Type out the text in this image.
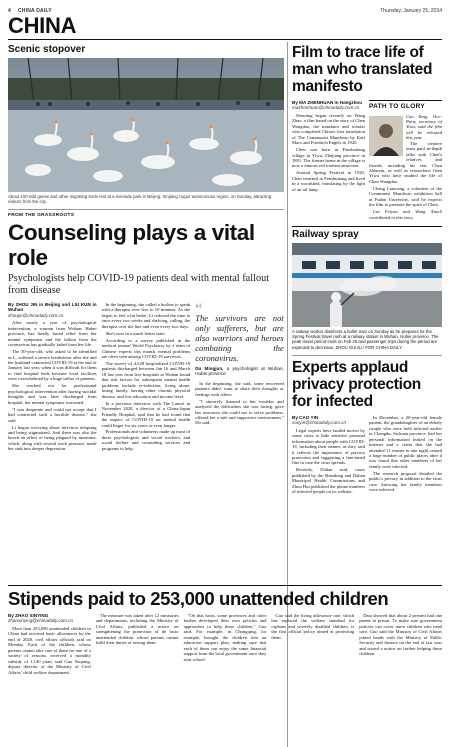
4 CHINA DAILY	Thursday, January 25, 2024
CHINA
Scenic stopover
About 100 wild geese and other migrating birds rest at a riverside park in Beijing, Xinjiang Uygur autonomous region, on Sunday, attracting visitors from the city.
FROM THE GRASSROOTS
Counseling plays a vital role
Psychologists help COVID-19 patients deal with mental fallout from disease
By ZHOU JIN in Beijing and LIU KUN in Wuhan
zhoujin@chinadaily.com.cn

After nearly a year of psychological intervention, a woman from Wuhan, Hubei province, has finally found relief from her mental symptoms and the fallout from the coronavirus has gradually faded from her life.

The 50-year-old, who asked to be identified as L, suffered a severe breakdown after she and her husband contracted COVID-19 at the end of January last year, when it was difficult for them to find hospital beds because local facilities were overwhelmed by a huge influx of patients.

She reached out for professional psychological intervention after having suicidal thoughts and was later discharged from hospital, her mental symptoms worsened.

"I was desperate and could not accept that I had contracted such a horrible disease," she said.

Li began worrying about infection relapsing and being stigmatized. And there was also the knock-on effect of being plagued by insomnia, which, along with several work pressure, made her sink into deeper depression.

In the beginning, she called a hotline to speak with a therapist over five to 10 minutes. As she began to feel a bit better, Li reduced the time to once every two weeks and shelving, calling, the therapist over the line and even every two days.

She's now in a much better state.

According to a survey published in the medical journal World Psychiatry by a team of Chinese experts this month, mental problems are often seen among COVID-19 survivors.

The survey of 4,328 hospitalized COVID-19 patients discharged between Jan 16 and March 18 last year from five hospitals in Wuhan found that risk factors for subsequent mental health problems include re-infection, living alone, losing family, having other chronic physical disease, and low education and income level.

In a previous interview with The Lancet in November 2020, a director of a China-Japan Friendly Hospital, said that he had found that the impact of COVID-19 on mental health could linger for six years or even longer.

Professionals and volunteers made up most of those psychologists and social workers, and social hotline and counseling services and programs to help.

“
The survivors are not only sufferers, but are also warriors and heroes combating the coronavirus.
Du Mingjun, a psychologist at Wuhan, Hubei province

In the beginning, she said, some recovered patients didn't want to share their thoughts or feelings with others.

"I sincerely listened to her troubles and analyzed the difficulties she was facing, gave her resources she could use to solve problems, offered her a safe and supportive environment," Du said.

Stipends paid to 253,000 unattended children
By ZHAO XINYING
zhaoxinying@chinadaily.com.cn

More than 253,000 unattended children in China had received basic allowances by the end of 2020, civil affairs officials said on Monday. Each of the children, whose parents cannot take care of them for one of a variety of reasons, received a monthly subsidy of 1,140 yuan, said Guo Yuqiang, deputy director of the Ministry of Civil Affairs' child welfare department.

The measure was taken after 12 ministries and departments, including the Ministry of Civil Affairs, published a notice on strengthening the protection of de facto unattended children, whose parents cannot fulfil their duties of raising them.

"On that basis, some provinces and cities further developed their own policies and approaches to help these children," Guo said. For example, in Chongqing, for example, brought the children into an education support plan, making sure that each of them can enjoy the same financial support from the local government once they start school.

Guo said the living allowance rate, which has replaced the welfare standard for orphans and severely disabled children, is the first official policy aimed at protecting them.

Data showed that about 2 percent had one parent in prison. To make sure government policies can cover more children who need care, Guo said the Ministry of Civil Affairs joined hands with the Ministry of Public Security and finance on the end of last year and issued a notice on further helping these children.

Film to trace life of man who translated manifesto
By MA ZHENHUAN in Hangzhou
mazhenhuan@chinadaily.com.cn

Shooting began recently on Wang Zhao, a film based on the story of Chen Wangdao, the translator and scholar who completed China's first translation of The Communist Manifesto by Karl Marx and Friedrich Engels in 1920.

Chen was born in Fenshuitang village in Yiwu, Zhejiang province in 1891. The former home in the village is now a famous red tourism attraction.

Around Spring Festival in 1920, Chen returned to Fenshuitang and lived in a woodshed, translating by the light of an oil lamp.

PATH TO GLORY
Cao Yang, Vice-Party secretary of Yiwu, said the film will be released this year.

The creative team paid in-depth talks with Chen's relatives and friends, including his son, Chen Zhenxin, as well as researchers from Yiwu who have studied the life of Chen Wangdao.

Cheng Liancang, a volunteer of the Communist Manifesto exhibition hall at Fudan University, said he expects the film to promote the spirit of Chen.

Cai Feiyan and Wang Xiaoli contributed to this story.

Railway spray
A railway worker disinfects a bullet train on Sunday as he prepares for the Spring Festival travel rush at a railway station in Wuhan, Hubei province. The peak travel period ends on Feb 25 and passenger trips during the period are expected to decrease. ZHOU GUIJU / FOR CHINA DAILY
Experts applaud privacy protection for infected
By CAO YIN
caoyin@chinadaily.com.cn

Legal experts have lauded moves by some cities to hide sensitive personal information about people with COVID-19, including their names, as they said it reflects the importance of privacy protection and suggesting a fine-tuned fine in case the virus spreads.

Recently, Dalian said, cases published by the Shandong and Dalian Municipal Health Commissions and Zhou Hui published the phone numbers of infected people on its website.

In December, a 20-year-old female patient, the granddaughter of an elderly couple who were both infected earlier in Chengdu, Sichuan province, had her personal information leaked on the internet and a claim that she had attended 11 venues in one night caused a large number of public places after it was found that other members of her family were infected.

The research proposal detailed the public's privacy in addition to the virus case, knowing her family members were infected.
